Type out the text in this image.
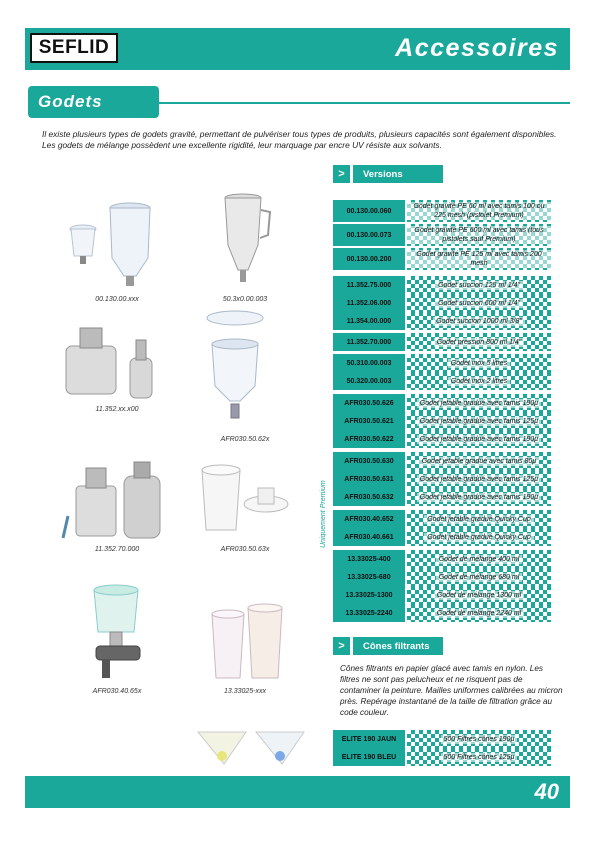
SEFLID	Accessoires
Godets

Il existe plusieurs types de godets gravité, permettant de pulvériser tous types de produits, plusieurs capacités sont également disponibles. Les godets de mélange possèdent une excellente rigidité, leur marquage par encre UV résiste aux solvants.

>	Versions
Uniquement Premium
00.130.00.060
Godet gravité PE 60 ml avec tamis 100 ou 225 mesh (pistolet Premium)
00.130.00.073
Godet gravité PE 600 ml avec tamis (tous pistolets sauf Premium)
00.130.00.200
Godet gravité PE 125 ml avec tamis 200 mesh
11.352.75.000	Godet succion 125 ml 1/4"
11.352.06.000	Godet succion 600 ml 1/4"
11.354.00.000	Godet succion 1000 ml 3/8"
11.352.70.000	Godet pression 800 ml 1/4"
50.310.00.003	Godet inox 5 litres
50.320.00.003	Godet inox 2 litres
AFR030.50.626	Godet jetable gradué avec tamis 190µ
AFR030.50.621	Godet jetable gradué avec tamis 125µ
AFR030.50.622	Godet jetable gradué avec tamis 190µ
AFR030.50.630	Godet jetable gradué avec tamis 80µ
AFR030.50.631	Godet jetable gradué avec tamis 125µ
AFR030.50.632	Godet jetable gradué avec tamis 190µ
AFR030.40.652	Godet jetable gradué Quicky Cup
AFR030.40.661	Godet jetable gradué Quicky Cup
13.33025-400	Godet de mélange 400 ml
13.33025-680	Godet de mélange 680 ml
13.33025-1300	Godet de mélange 1300 ml
13.33025-2240	Godet de mélange 2240 ml
>	Cônes filtrants

Cônes filtrants en papier glacé avec tamis en nylon. Les filtres ne sont pas pelucheux et ne risquent pas de contaminer la peinture. Mailles uniformes calibrées au micron près. Repérage instantané de la taille de filtration grâce au code couleur.

ELITE 190 JAUN	500 Filtres cônes 190µ
ELITE 190 BLEU	500 Filtres cônes 125µ
00.130.00.xxx	50.3x0.00.003
11.352.xx.x00
AFR030.50.62x
11.352.70.000	AFR030.50.63x
AFR030.40.65x	13.33025-xxx
40
